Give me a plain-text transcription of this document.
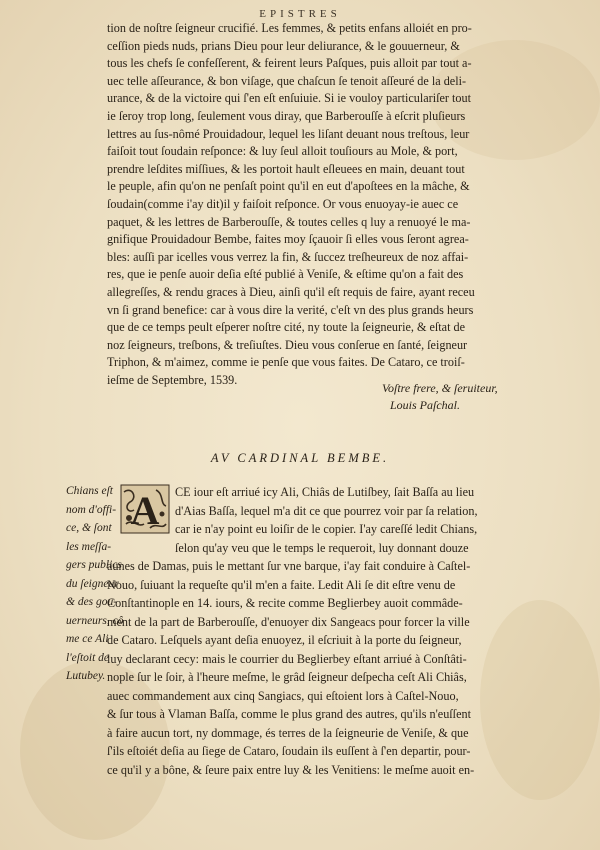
EPISTRES
tion de noſtre ſeigneur crucifié. Les femmes, & petits enfans alloiét en pro-
ceſſion pieds nuds, prians Dieu pour leur deliurance, & le gouuerneur, &
tous les chefs ſe confeſſerent, & feirent leurs Paſques, puis alloit par tout a-
uec telle aſſeurance, & bon viſage, que chaſcun ſe tenoit aſſeuré de la deli-
urance, & de la victoire qui ſ'en eſt enſuiuie. Si ie vouloy particulariſer tout
ie ſeroy trop long, ſeulement vous diray, que Barberouſſe à eſcrit pluſieurs
lettres au ſus-nômé Prouidadour, lequel les liſant deuant nous treſtous, leur
faiſoit tout ſoudain reſponce: & luy ſeul alloit touſiours au Mole, & port,
prendre leſdites miſſiues, & les portoit hault eſleuees en main, deuant tout
le peuple, afin qu'on ne penſaſt point qu'il en eut d'apoſtees en la mâche, &
ſoudain(comme i'ay dit)il y faiſoit reſponce. Or vous enuoyay-ie auec ce
paquet, & les lettres de Barberouſſe, & toutes celles q luy a renuoyé le ma-
gnifique Prouidadour Bembe, faites moy ſçauoir ſi elles vous ſeront agrea-
bles: auſſi par icelles vous verrez la fin, & ſuccez treſheureux de noz affai-
res, que ie penſe auoir deſia eſté publié à Veniſe, & eſtime qu'on a fait des
allegreſſes, & rendu graces à Dieu, ainſi qu'il eſt requis de faire, ayant receu
vn ſi grand benefice: car à vous dire la verité, c'eſt vn des plus grands heurs
que de ce temps peult eſperer noſtre cité, ny toute la ſeigneurie, & eſtat de
noz ſeigneurs, treſbons, & treſiuſtes. Dieu vous conſerue en ſanté, ſeigneur
Triphon, & m'aimez, comme ie penſe que vous faites. De Cataro, ce troiſ-
ieſme de Septembre, 1539.
Voſtre frere, & ſeruiteur,
Louis Paſchal.
AV CARDINAL BEMBE.
Chians eſt
nom d'offi-
ce, & ſont
les meſſa-
gers publics
du ſeigneur
& des gou-
uerneurs, cô
me ce Ali
l'eſtoit de
Lutubey.
A	CE iour eſt arriué icy Ali, Chiâs de Lutiſbey, ſait Baſſa au lieu
d'Aias Baſſa, lequel m'a dit ce que pourrez voir par ſa relation,
car ie n'ay point eu loiſir de le copier. I'ay careſſé ledit Chians,
ſelon qu'ay veu que le temps le requeroit, luy donnant douze
aunes de Damas, puis le mettant ſur vne barque, i'ay fait conduire à Caſtel-
Nouo, ſuiuant la requeſte qu'il m'en a faite. Ledit Ali ſe dit eſtre venu de
Conſtantinople en 14. iours, & recite comme Beglierbey auoit commâde-
ment de la part de Barberouſſe, d'enuoyer dix Sangeacs pour forcer la ville
de Cataro. Leſquels ayant deſia enuoyez, il eſcriuit à la porte du ſeigneur,
luy declarant cecy: mais le courrier du Beglierbey eſtant arriué à Conſtâti-
nople ſur le ſoir, à l'heure meſme, le grâd ſeigneur deſpecha ceſt Ali Chiâs,
auec commandement aux cinq Sangiacs, qui eſtoient lors à Caſtel-Nouo,
& ſur tous à Vlaman Baſſa, comme le plus grand des autres, qu'ils n'euſſent
à faire aucun tort, ny dommage, és terres de la ſeigneurie de Veniſe, & que
ſ'ils eſtoiét deſia au ſiege de Cataro, ſoudain ils euſſent à ſ'en departir, pour-
ce qu'il y a bône, & ſeure paix entre luy & les Venitiens: le meſme auoit en-
